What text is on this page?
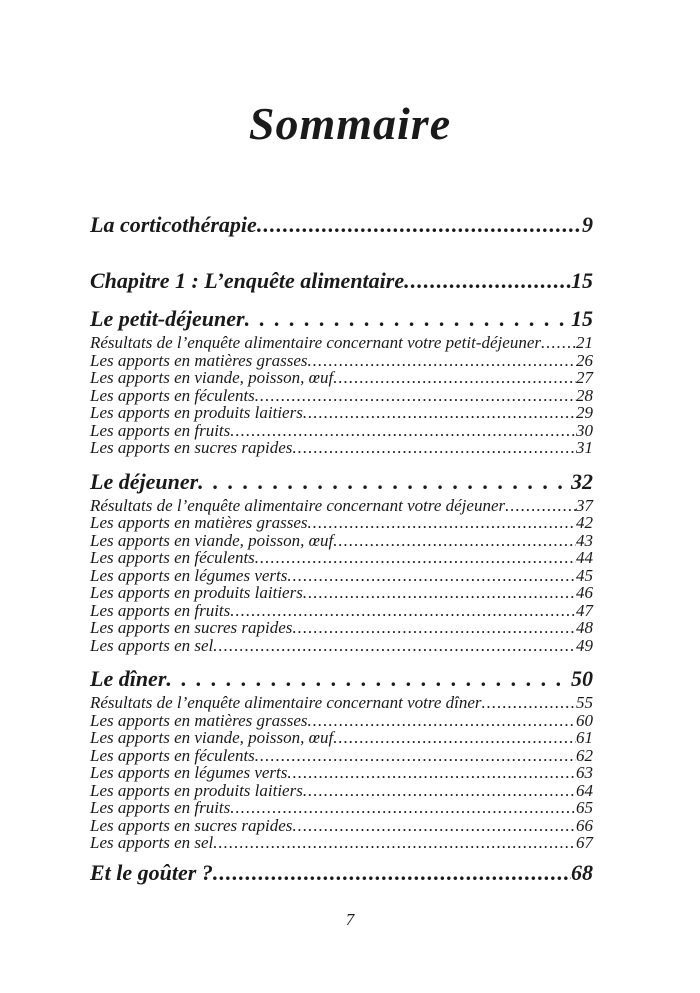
Sommaire
La corticothérapie .....	9
Chapitre 1 : L’enquête alimentaire .....	15
Le petit-déjeuner . . .	15
Résultats de l’enquête alimentaire concernant votre petit-déjeuner ..... 21
Les apports en matières grasses .....	26
Les apports en viande, poisson, œuf .....	27
Les apports en féculents .....	28
Les apports en produits laitiers .....	29
Les apports en fruits .....	30
Les apports en sucres rapides .....	31
Le déjeuner . . .	32
Résultats de l’enquête alimentaire concernant votre déjeuner .....	37
Les apports en matières grasses .....	42
Les apports en viande, poisson, œuf .....	43
Les apports en féculents .....	44
Les apports en légumes verts .....	45
Les apports en produits laitiers .....	46
Les apports en fruits .....	47
Les apports en sucres rapides .....	48
Les apports en sel .....	49
Le dîner . . .	50
Résultats de l’enquête alimentaire concernant votre dîner .....	55
Les apports en matières grasses .....	60
Les apports en viande, poisson, œuf .....	61
Les apports en féculents .....	62
Les apports en légumes verts .....	63
Les apports en produits laitiers .....	64
Les apports en fruits .....	65
Les apports en sucres rapides .....	66
Les apports en sel .....	67
Et le goûter ? .....	68
7
